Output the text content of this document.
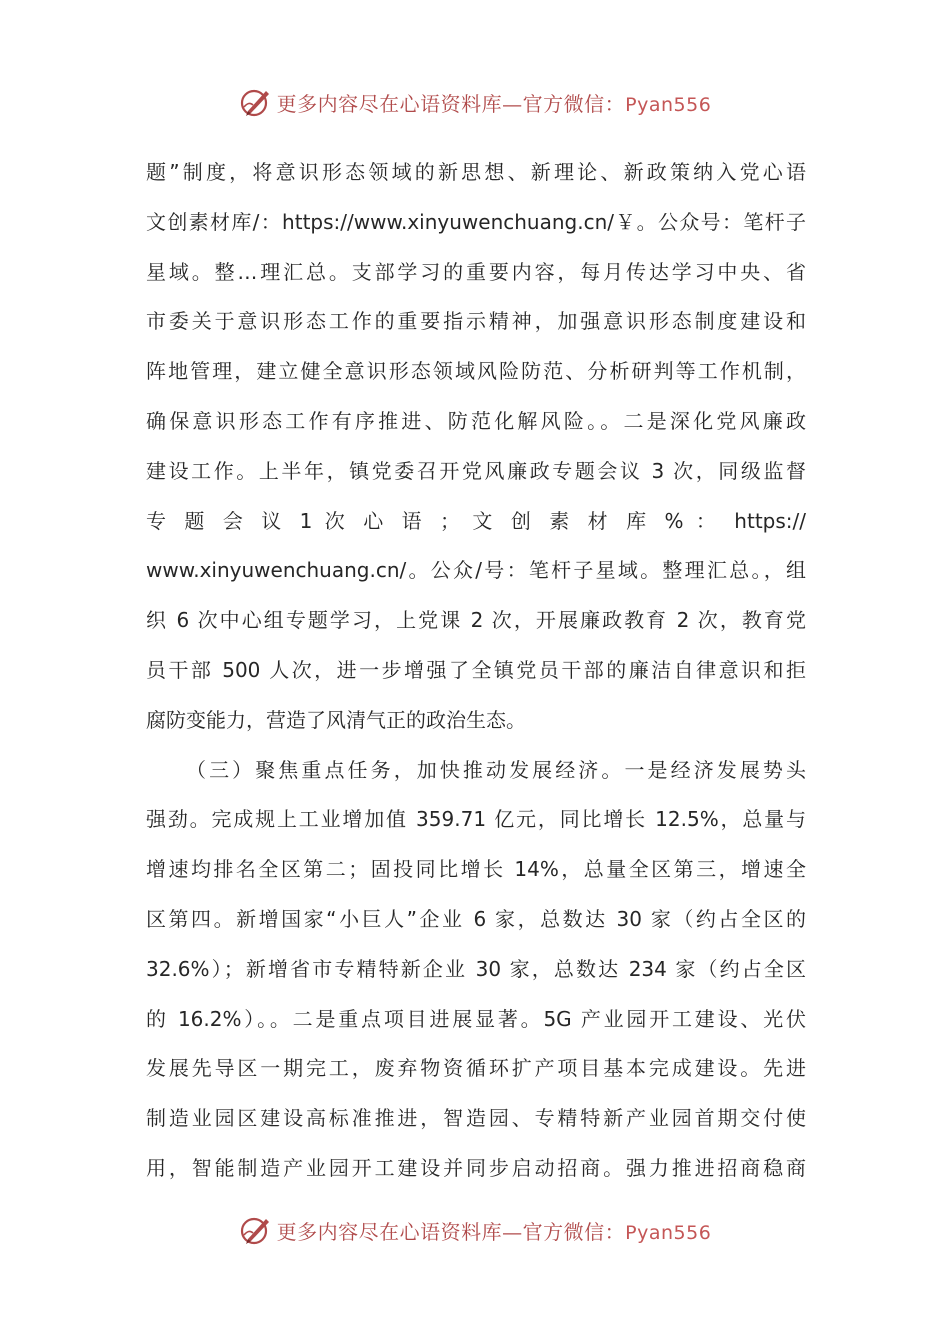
更多内容尽在心语资料库—官方微信：Pyan556
题”制度，将意识形态领域的新思想、新理论、新政策纳入党心语
文创素材库/：https://www.xinyuwenchuang.cn/￥。公众号：笔杆子
星域。整…理汇总。支部学习的重要内容，每月传达学习中央、省
市委关于意识形态工作的重要指示精神，加强意识形态制度建设和
阵地管理，建立健全意识形态领域风险防范、分析研判等工作机制，
确保意识形态工作有序推进、防范化解风险。。二是深化党风廉政
建设工作。上半年，镇党委召开党风廉政专题会议 3 次，同级监督
专 题 会 议 1 次 心 语 ； 文 创 素 材 库 % ： https://
www.xinyuwenchuang.cn/。公众/号：笔杆子星域。整理汇总。，组
织 6 次中心组专题学习，上党课 2 次，开展廉政教育 2 次，教育党
员干部 500 人次，进一步增强了全镇党员干部的廉洁自律意识和拒
腐防变能力，营造了风清气正的政治生态。
（三）聚焦重点任务，加快推动发展经济。一是经济发展势头
强劲。完成规上工业增加值 359.71 亿元，同比增长 12.5%，总量与
增速均排名全区第二；固投同比增长 14%，总量全区第三，增速全
区第四。新增国家“小巨人”企业 6 家，总数达 30 家（约占全区的
32.6%）；新增省市专精特新企业 30 家，总数达 234 家（约占全区
的 16.2%）。。二是重点项目进展显著。5G 产业园开工建设、光伏
发展先导区一期完工，废弃物资循环扩产项目基本完成建设。先进
制造业园区建设高标准推进，智造园、专精特新产业园首期交付使
用，智能制造产业园开工建设并同步启动招商。强力推进招商稳商
更多内容尽在心语资料库—官方微信：Pyan556
